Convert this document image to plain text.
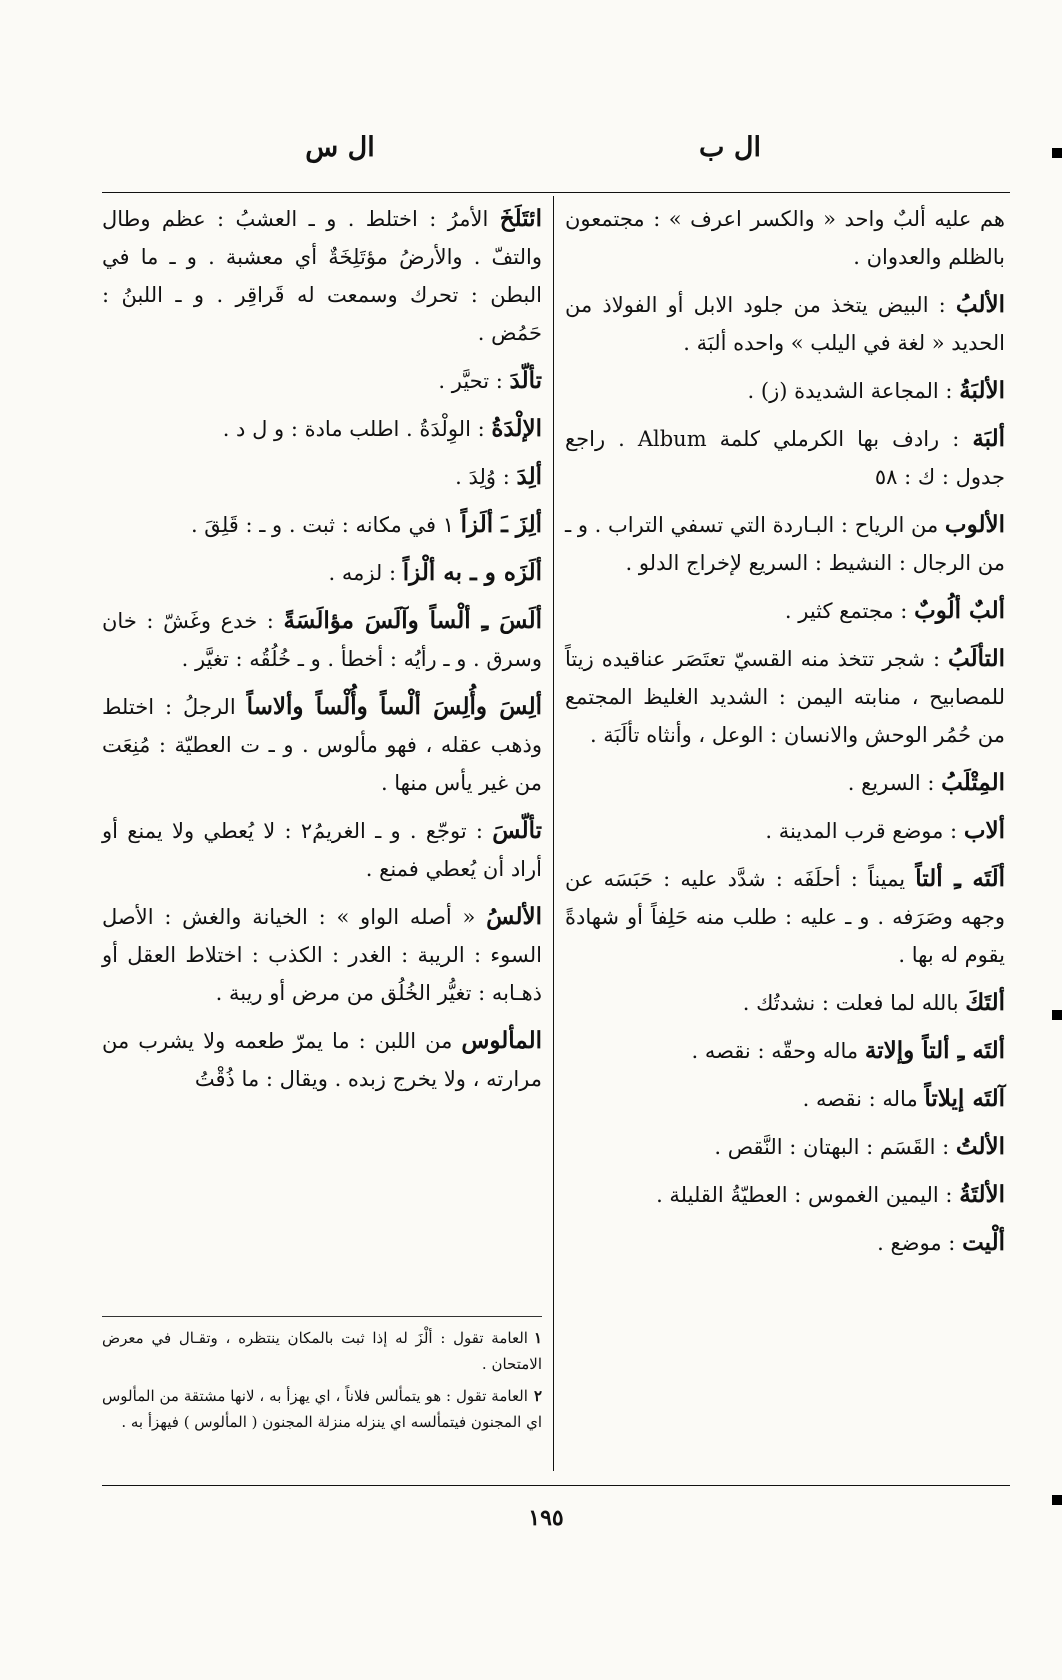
ال ب
ال س

هم عليه ألبٌ واحد « والكسر اعرف » : مجتمعون بالظلم والعدوان .

الألبُ : البيض يتخذ من جلود الابل أو الفولاذ من الحديد « لغة في اليلب » واحده ألبَة .

الألبَةُ : المجاعة الشديدة (ز) .

ألبَة : رادف بها الكرملي كلمة Album . راجع جدول : ك : ٥٨

الألوب من الرياح : البـاردة التي تسفي التراب . و ـ من الرجال : النشيط : السريع لإخراج الدلو .

ألبٌ ألُوبٌ : مجتمع كثير .

التألَبُ : شجر تتخذ منه القسيّ تعتَصَر عناقيده زيتاً للمصابيح ، منابته اليمن : الشديد الغليظ المجتمع من حُمُر الوحش والانسان : الوعل ، وأنثاه تألَبَة .

المِتْلَبُ : السريع .

ألاب : موضع قرب المدينة .

ألَتَه ـِ ألتاً يميناً : أحلَفَه : شدَّد عليه : حَبَسَه عن وجهه وصَرَفه . و ـ عليه : طلب منه حَلِفاً أو شهادةً يقوم له بها .

ألتَكَ بالله لما فعلت : نشدتُك .

ألتَه ـِ ألتاً وإلاتة ماله وحقّه : نقصه .

آلتَه إيلاتاً ماله : نقصه .

الألتُ : القَسَم : البهتان : النَّقص .

الألتَةُ : اليمين الغموس : العطيّةُ القليلة .

ألْيت : موضع .

ائتَلَخَ الأمرُ : اختلط . و ـ العشبُ : عظم وطال والتفّ . والأرضُ مؤتَلِخَةٌ أي معشبة . و ـ ما في البطن : تحرك وسمعت له قَراقِر . و ـ اللبنُ : حَمُض .

تألّدَ : تحيَّر .

الإلْدَةُ : الوِلْدَةُ . اطلب مادة : و ل د .

ألِدَ : وُلِدَ .

ألِزَ ـَ ألَزاً ١ في مكانه : ثبت . و ـ : قَلِقَ .

ألَزَه و ـ به ألْزاً : لزمه .

ألَسَ ـِ ألْساً وآلَسَ مؤالَسَةً : خدع وغَشّ : خان وسرق . و ـ رأيُه : أخطأ . و ـ خُلُقُه : تغيَّر .

ألِسَ وأُلِسَ ألْساً وأُلْساً وألاساً الرجلُ : اختلط وذهب عقله ، فهو مألوس . و ـ ت العطيّة : مُنِعَت من غير يأس منها .

تألّسَ : توجّع . و ـ الغريمُ٢ : لا يُعطي ولا يمنع أو أراد أن يُعطي فمنع .

الألسُ « أصله الواو » : الخيانة والغش : الأصل السوء : الريبة : الغدر : الكذب : اختلاط العقل أو ذهـابه : تغيُّر الخُلُق من مرض أو ريبة .

المألوس من اللبن : ما يمرّ طعمه ولا يشرب من مرارته ، ولا يخرج زبده . ويقال : ما ذُقْتُ

١العامة تقول : ألْزَ له إذا ثبت بالمكان ينتظره ، وتقـال في معرض الامتحان .
٢العامة تقول : هو يتمألس فلاناً ، اي يهزأ به ، لانها مشتقة من المألوس اي المجنون فيتمألسه اي ينزله منزلة المجنون ( المألوس ) فيهزأ به .
١٩٥
